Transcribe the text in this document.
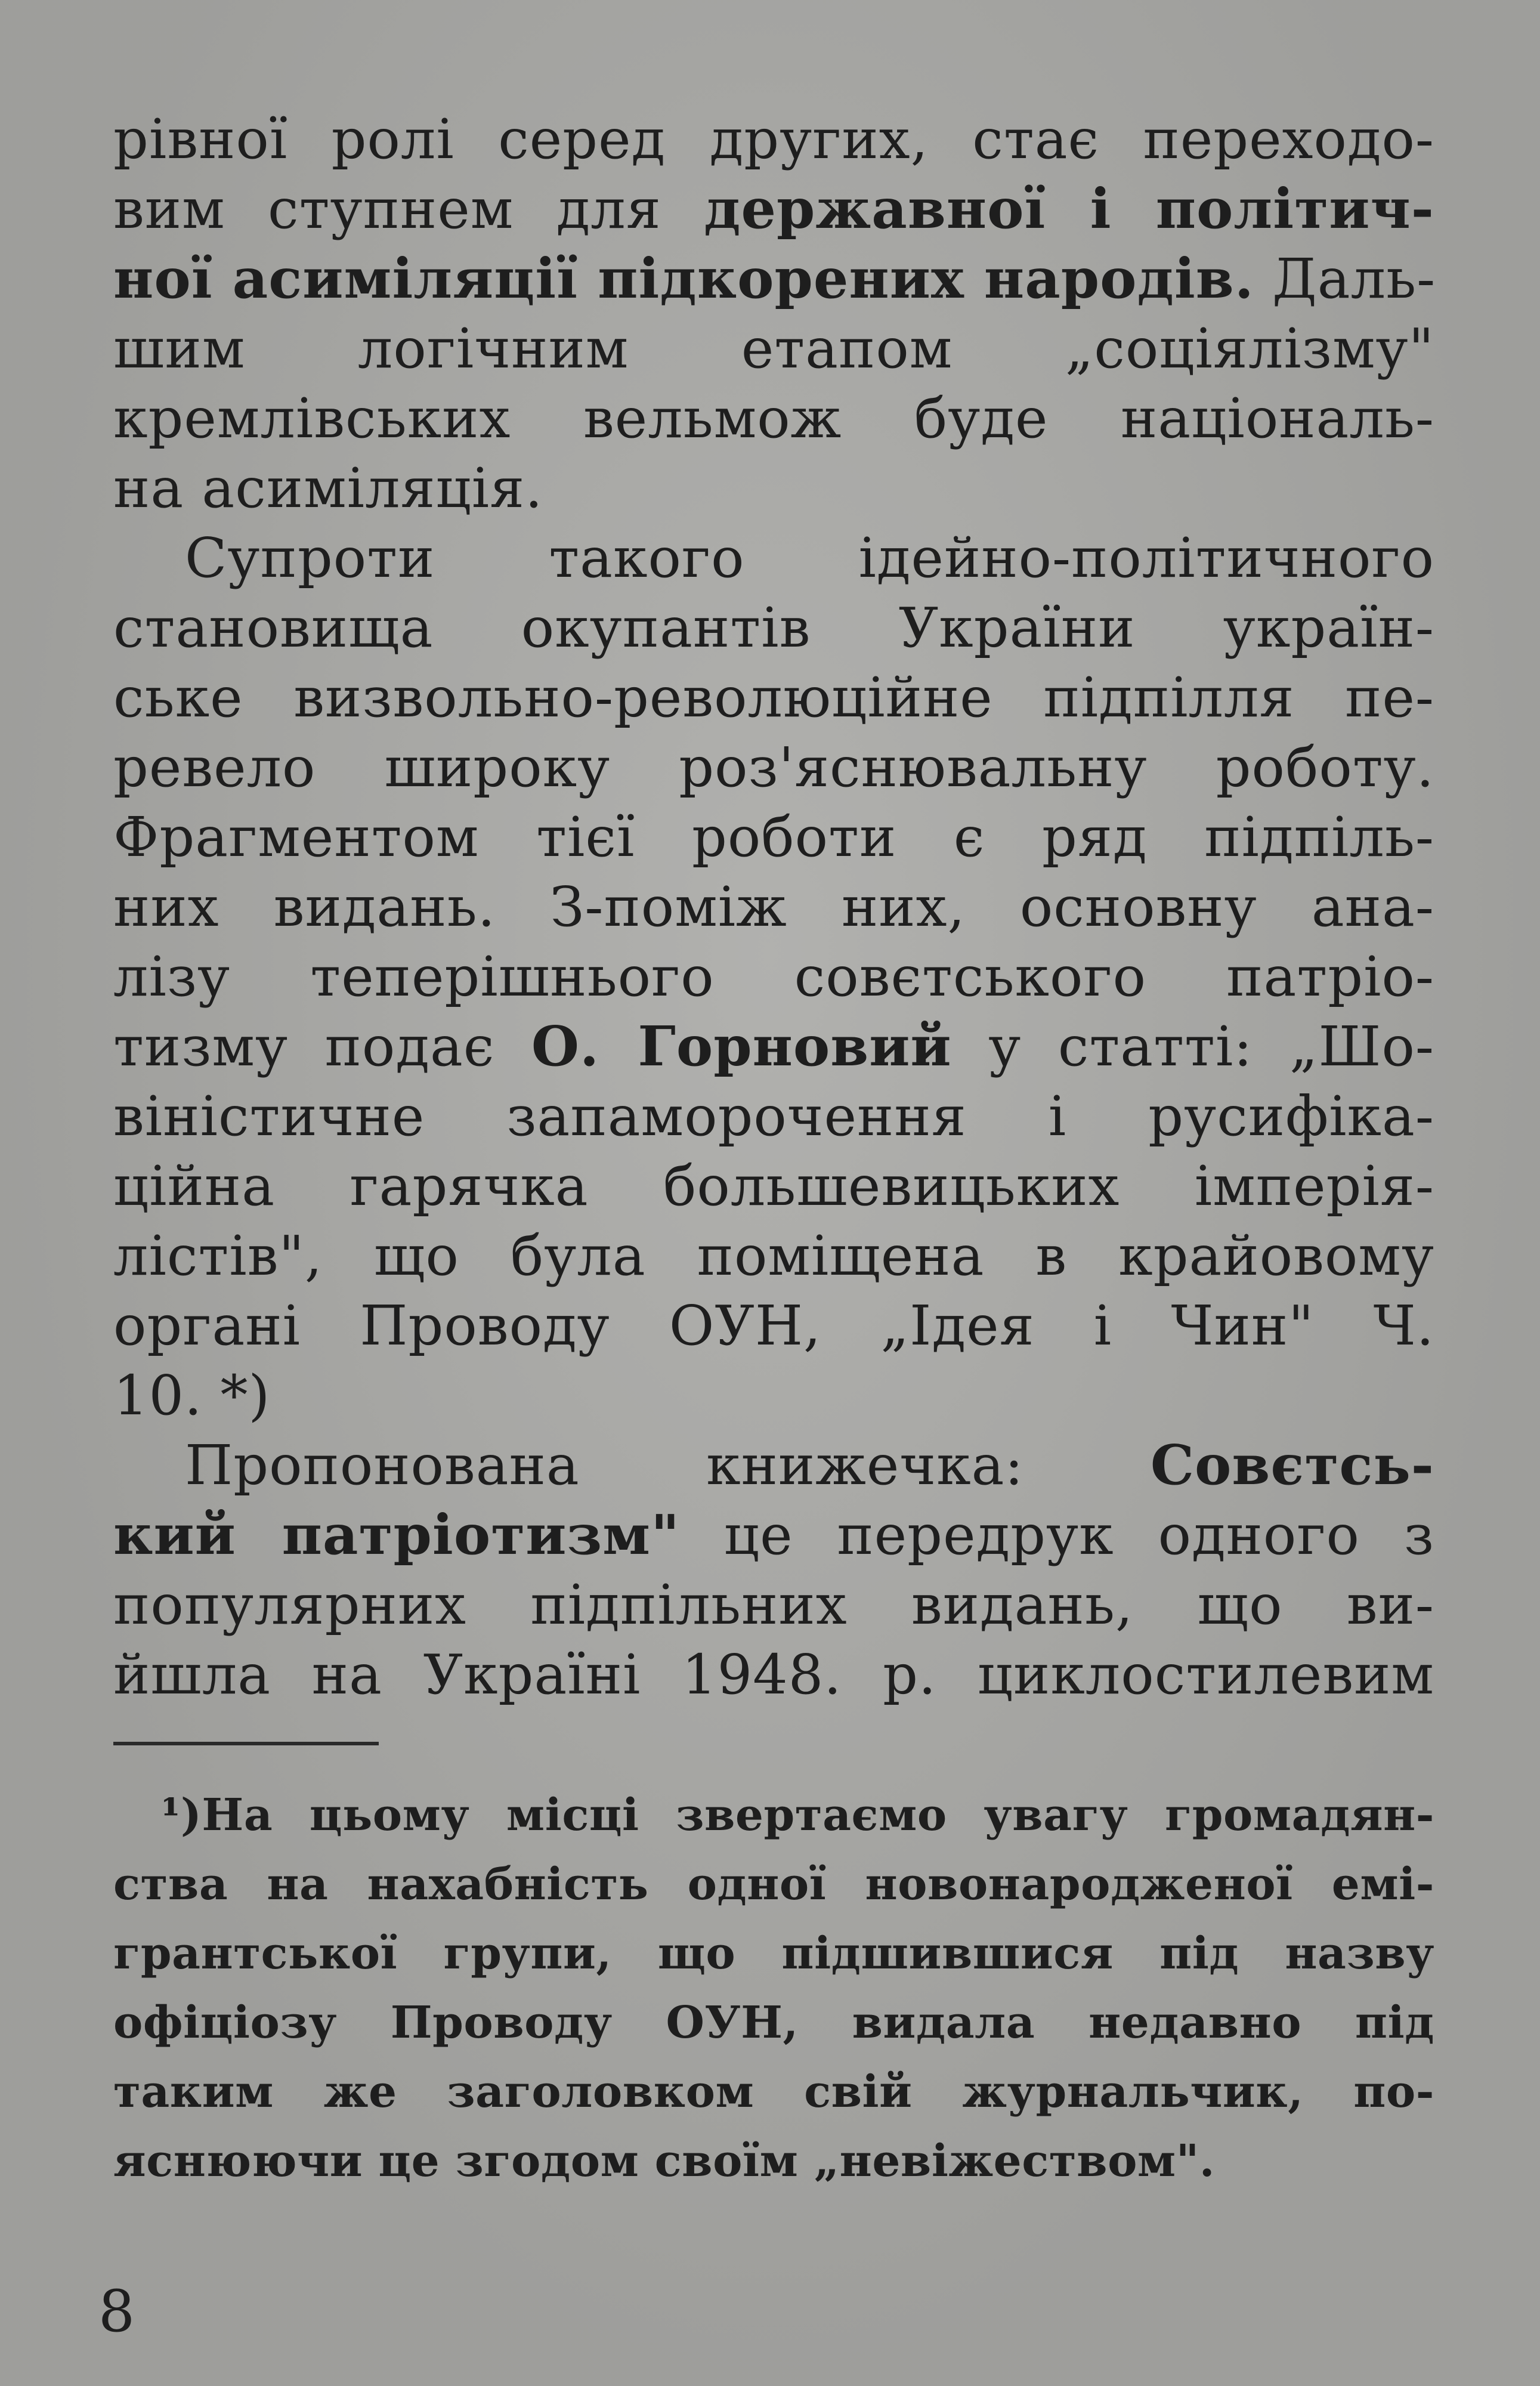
рівної ролі серед других, стає переходо-

вим ступнем для державної і політич-

ної асиміляції підкорених народів. Даль-

шим логічним етапом „соціялізму"

кремлівських вельмож буде національ-

на асиміляція.

Супроти такого ідейно-політичного

становища окупантів України україн-

ське визвольно-революційне підпілля пе-

ревело широку роз'яснювальну роботу.

Фрагментом тієї роботи є ряд підпіль-

них видань. З-поміж них, основну ана-

лізу теперішнього совєтського патріо-

тизму подає О. Горновий у статті: „Шо-

віністичне запаморочення і русифіка-

ційна гарячка большевицьких імперія-

лістів", що була поміщена в крайовому

органі Проводу ОУН, „Ідея і Чин" Ч.

10. *)

Пропонована книжечка: Совєтсь-

кий патріотизм" це передрук одного з

популярних підпільних видань, що ви-

йшла на Україні 1948. р. циклостилевим

¹)На цьому місці звертаємо увагу громадян-

ства на нахабність одної новонародженої емі-

грантської групи, що підшившися під назву

офіціозу Проводу ОУН, видала недавно під

таким же заголовком свій журнальчик, по-

яснюючи це згодом своїм „невіжеством".

8
